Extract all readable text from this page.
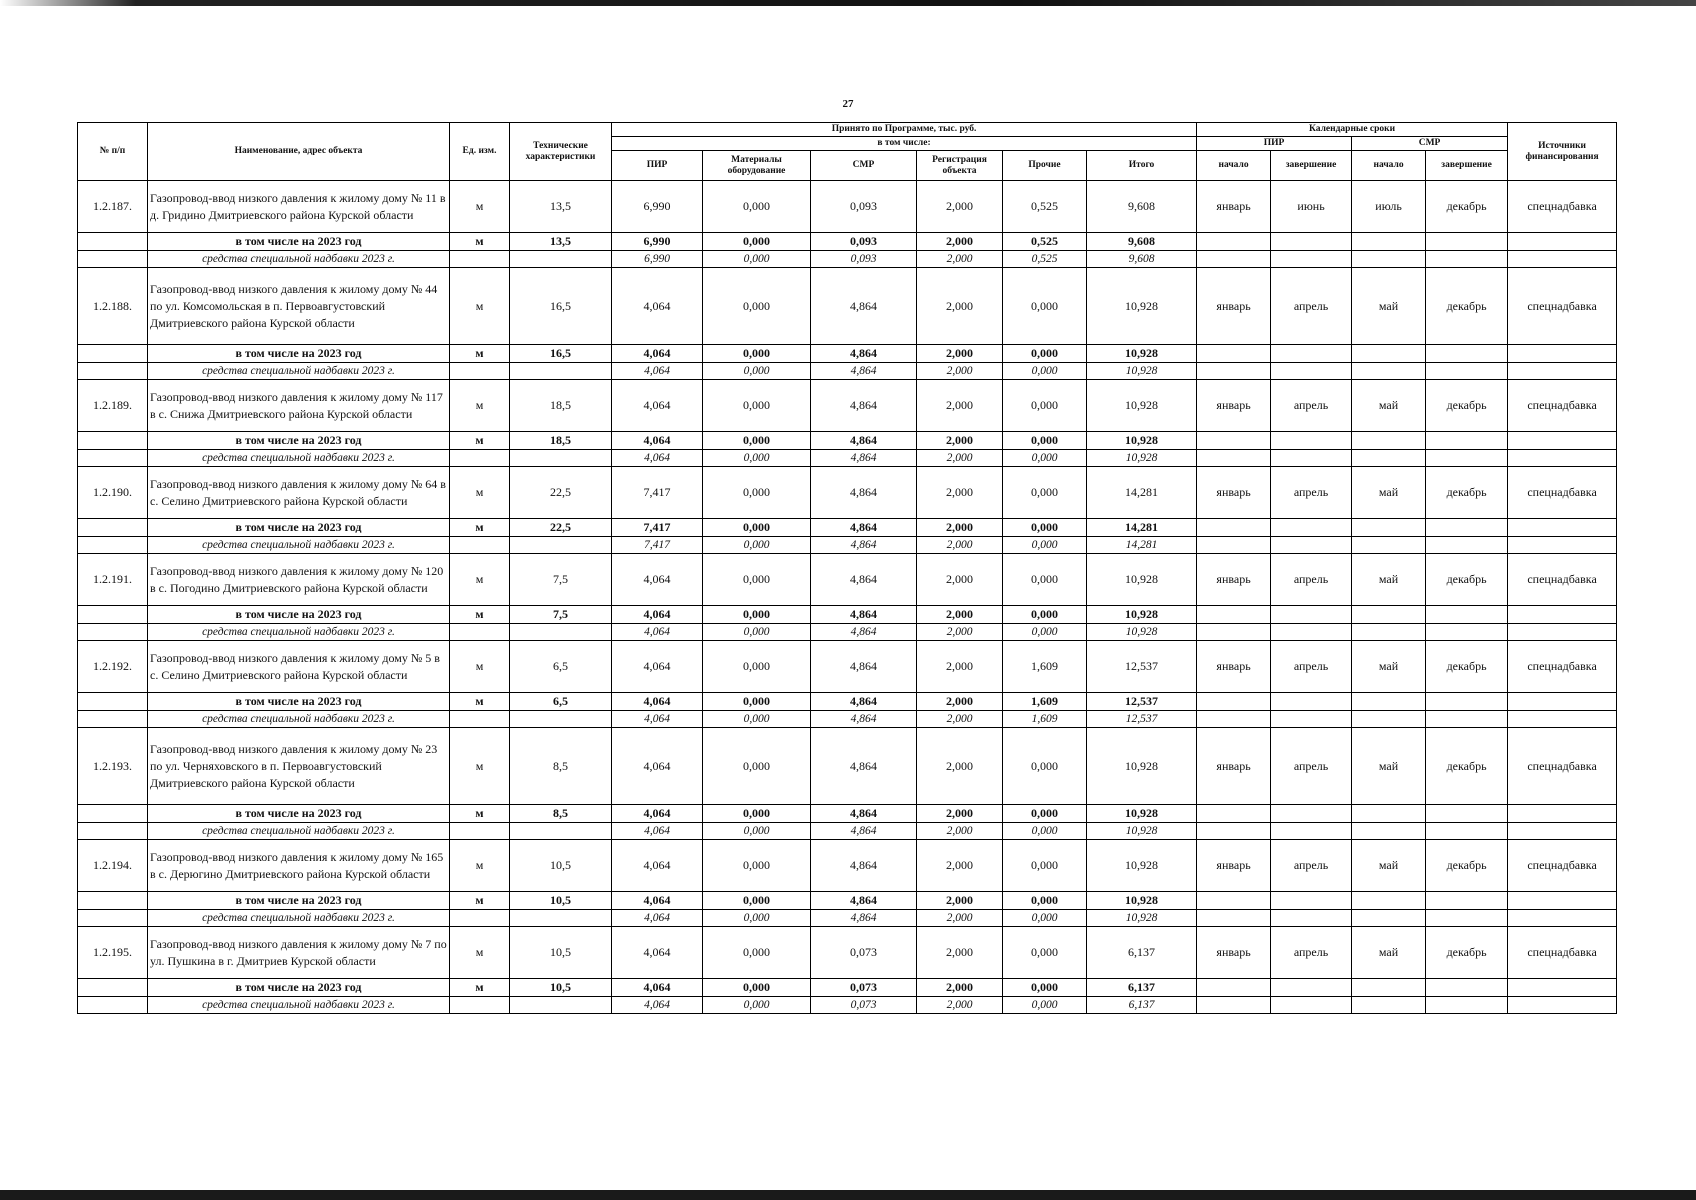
27
№ п/п	Наименование, адрес объекта	Ед. изм.	Технические характеристики	Принято по Программе, тыс. руб.						Календарные сроки				Источники финансирования
				в том числе:						ПИР		СМР		
				ПИР	Материалы оборудование	СМР	Регистрация объекта	Прочие	Итого	начало	завершение	начало	завершение	
1.2.187.	Газопровод-ввод низкого давления к жилому дому № 11 в д. Гридино Дмитриевского района Курской области	м	13,5	6,990	0,000	0,093	2,000	0,525	9,608	январь	июнь	июль	декабрь	спецнадбавка
	в том числе на 2023 год	м	13,5	6,990	0,000	0,093	2,000	0,525	9,608					
	средства специальной надбавки 2023 г.			6,990	0,000	0,093	2,000	0,525	9,608					
1.2.188.	Газопровод-ввод низкого давления к жилому дому № 44 по ул. Комсомольская в п. Первоавгустовский Дмитриевского района Курской области	м	16,5	4,064	0,000	4,864	2,000	0,000	10,928	январь	апрель	май	декабрь	спецнадбавка
	в том числе на 2023 год	м	16,5	4,064	0,000	4,864	2,000	0,000	10,928					
	средства специальной надбавки 2023 г.			4,064	0,000	4,864	2,000	0,000	10,928					
1.2.189.	Газопровод-ввод низкого давления к жилому дому № 117 в с. Снижа Дмитриевского района Курской области	м	18,5	4,064	0,000	4,864	2,000	0,000	10,928	январь	апрель	май	декабрь	спецнадбавка
	в том числе на 2023 год	м	18,5	4,064	0,000	4,864	2,000	0,000	10,928					
	средства специальной надбавки 2023 г.			4,064	0,000	4,864	2,000	0,000	10,928					
1.2.190.	Газопровод-ввод низкого давления к жилому дому № 64 в с. Селино Дмитриевского района Курской области	м	22,5	7,417	0,000	4,864	2,000	0,000	14,281	январь	апрель	май	декабрь	спецнадбавка
	в том числе на 2023 год	м	22,5	7,417	0,000	4,864	2,000	0,000	14,281					
	средства специальной надбавки 2023 г.			7,417	0,000	4,864	2,000	0,000	14,281					
1.2.191.	Газопровод-ввод низкого давления к жилому дому № 120 в с. Погодино Дмитриевского района Курской области	м	7,5	4,064	0,000	4,864	2,000	0,000	10,928	январь	апрель	май	декабрь	спецнадбавка
	в том числе на 2023 год	м	7,5	4,064	0,000	4,864	2,000	0,000	10,928					
	средства специальной надбавки 2023 г.			4,064	0,000	4,864	2,000	0,000	10,928					
1.2.192.	Газопровод-ввод низкого давления к жилому дому № 5 в с. Селино Дмитриевского района Курской области	м	6,5	4,064	0,000	4,864	2,000	1,609	12,537	январь	апрель	май	декабрь	спецнадбавка
	в том числе на 2023 год	м	6,5	4,064	0,000	4,864	2,000	1,609	12,537					
	средства специальной надбавки 2023 г.			4,064	0,000	4,864	2,000	1,609	12,537					
1.2.193.	Газопровод-ввод низкого давления к жилому дому № 23 по ул. Черняховского в п. Первоавгустовский Дмитриевского района Курской области	м	8,5	4,064	0,000	4,864	2,000	0,000	10,928	январь	апрель	май	декабрь	спецнадбавка
	в том числе на 2023 год	м	8,5	4,064	0,000	4,864	2,000	0,000	10,928					
	средства специальной надбавки 2023 г.			4,064	0,000	4,864	2,000	0,000	10,928					
1.2.194.	Газопровод-ввод низкого давления к жилому дому № 165 в с. Дерюгино Дмитриевского района Курской области	м	10,5	4,064	0,000	4,864	2,000	0,000	10,928	январь	апрель	май	декабрь	спецнадбавка
	в том числе на 2023 год	м	10,5	4,064	0,000	4,864	2,000	0,000	10,928					
	средства специальной надбавки 2023 г.			4,064	0,000	4,864	2,000	0,000	10,928					
1.2.195.	Газопровод-ввод низкого давления к жилому дому № 7 по ул. Пушкина в г. Дмитриев Курской области	м	10,5	4,064	0,000	0,073	2,000	0,000	6,137	январь	апрель	май	декабрь	спецнадбавка
	в том числе на 2023 год	м	10,5	4,064	0,000	0,073	2,000	0,000	6,137					
	средства специальной надбавки 2023 г.			4,064	0,000	0,073	2,000	0,000	6,137					
